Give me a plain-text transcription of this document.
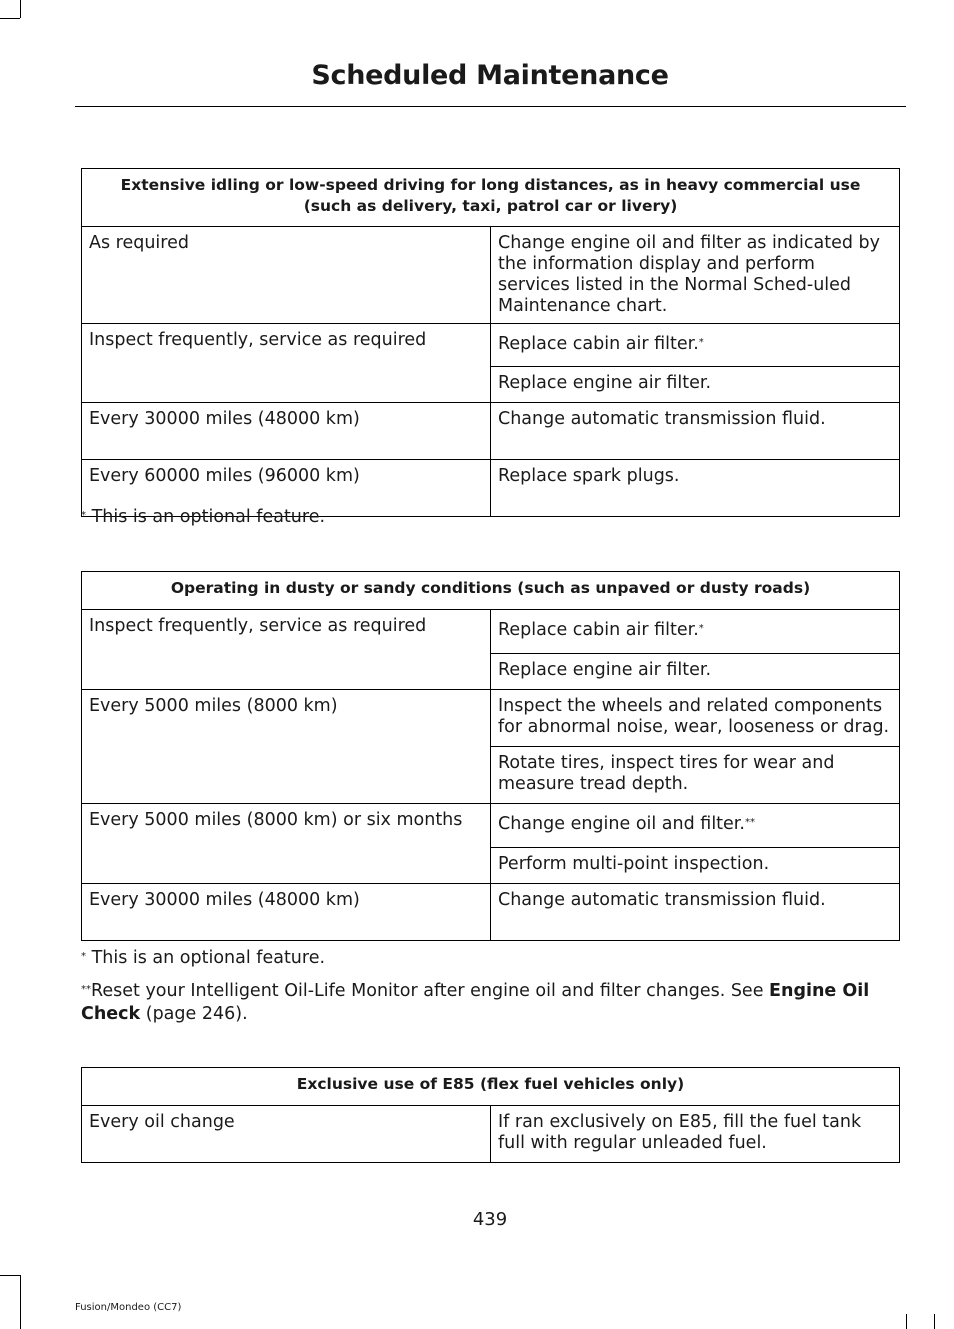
Scheduled Maintenance
Extensive idling or low-speed driving for long distances, as in heavy commercial use
(such as delivery, taxi, patrol car or livery)	
As required	Change engine oil and filter as indicated by the information display and perform services listed in the Normal Sched-uled Maintenance chart.
Inspect frequently, service as required	Replace cabin air filter.*
	Replace engine air filter.
Every 30000 miles (48000 km)	Change automatic transmission fluid.
Every 60000 miles (96000 km)	Replace spark plugs.
* This is an optional feature.
Operating in dusty or sandy conditions (such as unpaved or dusty roads)	
Inspect frequently, service as required	Replace cabin air filter.*
	Replace engine air filter.
Every 5000 miles (8000 km)	Inspect the wheels and related components for abnormal noise, wear, looseness or drag.
	Rotate tires, inspect tires for wear and measure tread depth.
Every 5000 miles (8000 km) or six months	Change engine oil and filter.**
	Perform multi-point inspection.
Every 30000 miles (48000 km)	Change automatic transmission fluid.
* This is an optional feature.
**Reset your Intelligent Oil-Life Monitor after engine oil and filter changes. See Engine Oil Check (page 246).
Exclusive use of E85 (flex fuel vehicles only)
Every oil change	If ran exclusively on E85, fill the fuel tank full with regular unleaded fuel.
439
Fusion/Mondeo (CC7)
